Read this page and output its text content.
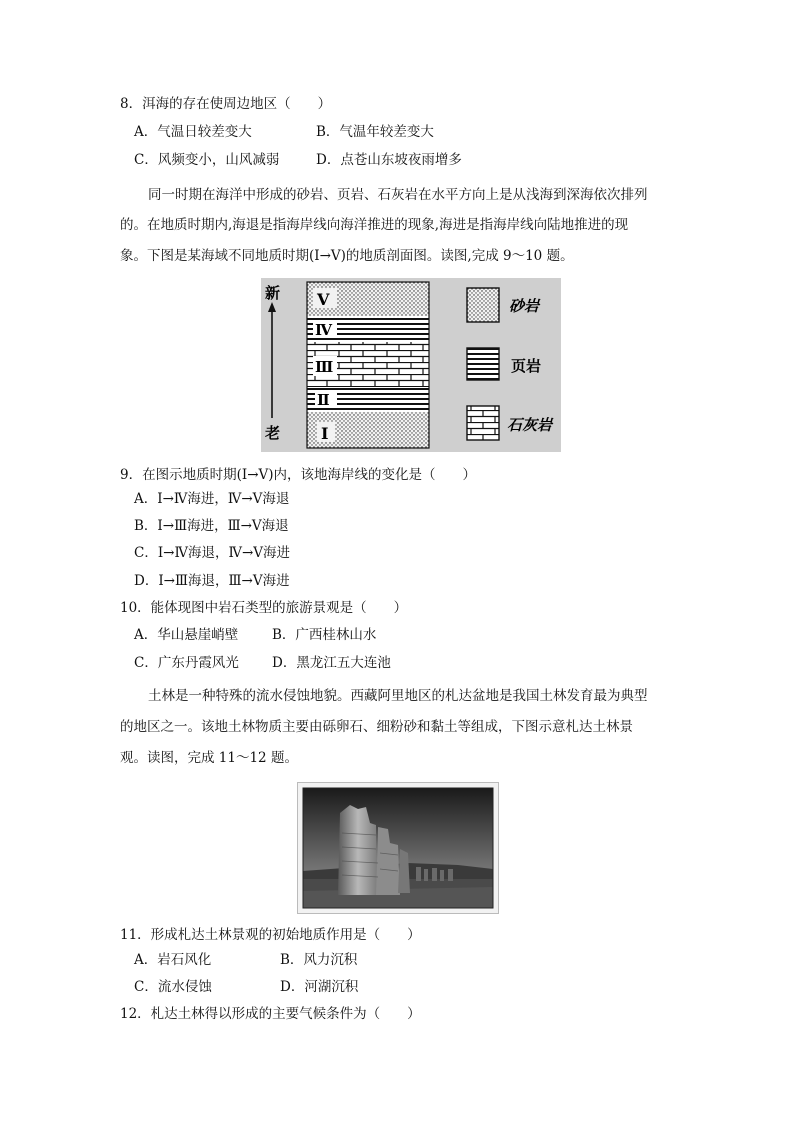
8．洱海的存在使周边地区（　　）
A．气温日较差变大	B．气温年较差变大
C．风频变小，山风减弱	D．点苍山东坡夜雨增多
同一时期在海洋中形成的砂岩、页岩、石灰岩在水平方向上是从浅海到深海依次排列
的。在地质时期内,海退是指海岸线向海洋推进的现象,海进是指海岸线向陆地推进的现
象。下图是某海域不同地质时期(Ⅰ→Ⅴ)的地质剖面图。读图,完成 9～10 题。
新
老
Ⅴ
Ⅳ
Ⅲ
Ⅱ
Ⅰ
砂岩
页岩
石灰岩
9．在图示地质时期(Ⅰ→Ⅴ)内，该地海岸线的变化是（　　）
A．Ⅰ→Ⅳ海进，Ⅳ→Ⅴ海退
B．Ⅰ→Ⅲ海进，Ⅲ→Ⅴ海退
C．Ⅰ→Ⅳ海退，Ⅳ→Ⅴ海进
D．Ⅰ→Ⅲ海退，Ⅲ→Ⅴ海进
10．能体现图中岩石类型的旅游景观是（　　）
A．华山悬崖峭壁	B．广西桂林山水
C．广东丹霞风光 D．黑龙江五大连池
土林是一种特殊的流水侵蚀地貌。西藏阿里地区的札达盆地是我国土林发育最为典型
的地区之一。该地土林物质主要由砾卵石、细粉砂和黏土等组成，下图示意札达土林景
观。读图，完成 11～12 题。
11．形成札达土林景观的初始地质作用是（　　）
A．岩石风化	B．风力沉积
C．流水侵蚀	D．河湖沉积
12．札达土林得以形成的主要气候条件为（　　）
